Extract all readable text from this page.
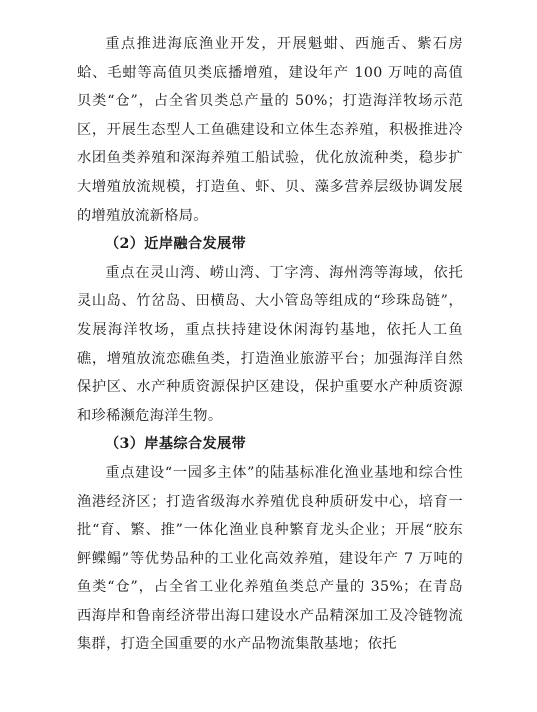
重点推进海底渔业开发，开展魁蚶、西施舌、紫石房蛤、毛蚶等高值贝类底播增殖，建设年产 100 万吨的高值贝类“仓”，占全省贝类总产量的 50%；打造海洋牧场示范区，开展生态型人工鱼礁建设和立体生态养殖，积极推进冷水团鱼类养殖和深海养殖工船试验，优化放流种类，稳步扩大增殖放流规模，打造鱼、虾、贝、藻多营养层级协调发展的增殖放流新格局。

（2）近岸融合发展带

重点在灵山湾、崂山湾、丁字湾、海州湾等海域，依托灵山岛、竹岔岛、田横岛、大小管岛等组成的“珍珠岛链”，发展海洋牧场，重点扶持建设休闲海钓基地，依托人工鱼礁，增殖放流恋礁鱼类，打造渔业旅游平台；加强海洋自然保护区、水产种质资源保护区建设，保护重要水产种质资源和珍稀濒危海洋生物。

（3）岸基综合发展带

重点建设“一园多主体”的陆基标准化渔业基地和综合性渔港经济区；打造省级海水养殖优良种质研发中心，培育一批“育、繁、推”一体化渔业良种繁育龙头企业；开展“胶东鲆鲽鳎”等优势品种的工业化高效养殖，建设年产 7 万吨的鱼类“仓”，占全省工业化养殖鱼类总产量的 35%；在青岛西海岸和鲁南经济带出海口建设水产品精深加工及冷链物流集群，打造全国重要的水产品物流集散基地；依托
